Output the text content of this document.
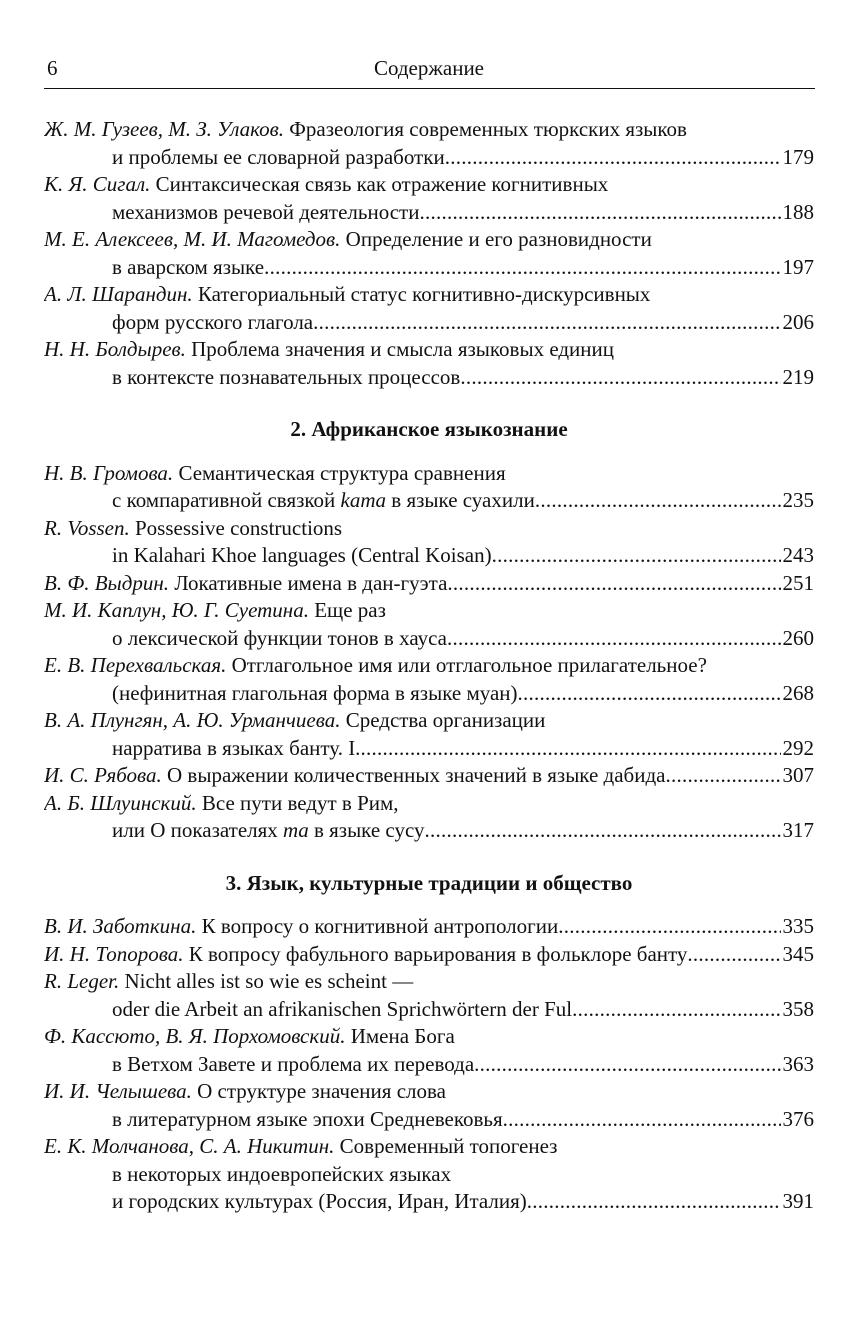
6	Содержание
Ж. М. Гузеев, М. З. Улаков. Фразеология современных тюркских языков
и проблемы ее словарной разработки . . .	179
К. Я. Сигал. Синтаксическая связь как отражение когнитивных
механизмов речевой деятельности . . .	188
М. Е. Алексеев, М. И. Магомедов. Определение и его разновидности
в аварском языке . . .	197
А. Л. Шарандин. Категориальный статус когнитивно-дискурсивных
форм русского глагола . . .	206
Н. Н. Болдырев. Проблема значения и смысла языковых единиц
в контексте познавательных процессов . . .	219
2. Африканское языкознание
Н. В. Громова. Семантическая структура сравнения
с компаративной связкой kama в языке суахили . . .	235
R. Vossen. Possessive constructions
in Kalahari Khoe languages (Central Koisan) . . .	243
В. Ф. Выдрин. Локативные имена в дан-гуэта . . .	251
М. И. Каплун, Ю. Г. Суетина. Еще раз
о лексической функции тонов в хауса . . .	260
Е. В. Перехвальская. Отглагольное имя или отглагольное прилагательное?
(нефинитная глагольная форма в языке муан) . . .	268
В. А. Плунгян, А. Ю. Урманчиева. Средства организации
нарратива в языках банту. I. . . .	292
И. С. Рябова. О выражении количественных значений в языке дабида . . .	307
А. Б. Шлуинский. Все пути ведут в Рим,
или О показателях ma в языке сусу . . .	317
3. Язык, культурные традиции и общество
В. И. Заботкина. К вопросу о когнитивной антропологии . . .	335
И. Н. Топорова. К вопросу фабульного варьирования в фольклоре банту . . .	345
R. Leger. Nicht alles ist so wie es scheint —
oder die Arbeit an afrikanischen Sprichwörtern der Ful . . .	358
Ф. Кассюто, В. Я. Порхомовский. Имена Бога
в Ветхом Завете и проблема их перевода . . .	363
И. И. Челышева. О структуре значения слова
в литературном языке эпохи Средневековья . . .	376
Е. К. Молчанова, С. А. Никитин. Современный топогенез
в некоторых индоевропейских языках
и городских культурах (Россия, Иран, Италия) . . .	391
